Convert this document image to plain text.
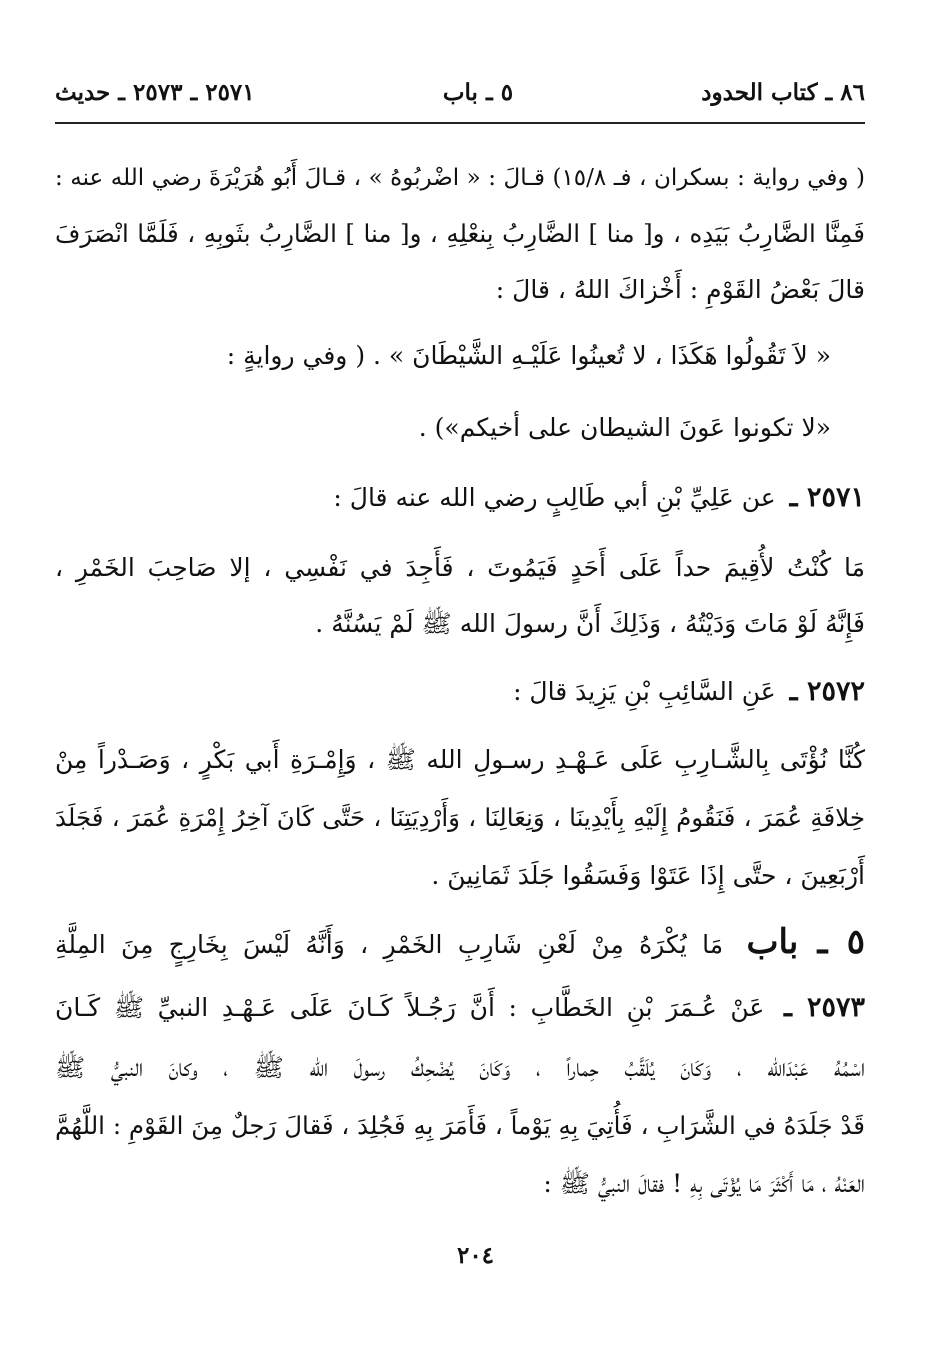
٨٦ ـ كتاب الحدود
٥ ـ باب
٢٥٧١ ـ ٢٥٧٣ ـ حديث
( وفي رواية : بسكران ، فـ ١٥/٨) قـالَ : « اضْربُوهُ » ، قـالَ أَبُو هُرَيْرَةَ رضي الله عنه :
فَمِنَّا الضَّارِبُ بَيَدِه ، و[ منا ] الضَّارِبُ بِنعْلِهِ ، و[ منا ] الضَّارِبُ بثَوبِهِ ، فَلَمَّا انْصَرَفَ
قالَ بَعْضُ القَوْمِ : أَخْزاكَ اللهُ ، قالَ :
« لاَ تَقُولُوا هَكَذَا ، لا تُعينُوا عَلَيْـهِ الشَّيْطَانَ » . ( وفي روايةٍ :
«لا تكونوا عَونَ الشيطان على أخيكم») .
٢٥٧١ ـ عن عَلِيِّ بْنِ أبي طَالِبٍ رضي الله عنه قالَ :
مَا كُنْتُ لأُقِيمَ حداً عَلَى أَحَدٍ فَيَمُوتَ ، فَأَجِدَ في نَفْسِي ، إلا صَاحِبَ الخَمْرِ ،
فَإِنَّهُ لَوْ مَاتَ وَدَيْتُهُ ، وَذَلِكَ أَنَّ رسولَ الله ﷺ لَمْ يَسُنَّهُ .
٢٥٧٢ ـ عَنِ السَّائِبِ بْنِ يَزِيدَ قالَ :
كُنَّا نُؤْتَى بِالشَّـارِبِ عَلَى عَـهْـدِ رسـولِ الله ﷺ ، وَإِمْـرَةِ أَبي بَكْرٍ ، وَصَـدْراً مِنْ
خِلافَةِ عُمَرَ ، فَنَقُومُ إِلَيْهِ بِأَيْدِينَا ، وَنِعَالِنَا ، وَأَرْدِيَتِنَا ، حَتَّى كَانَ آخِرُ إِمْرَةِ عُمَرَ ، فَجَلَدَ
أَرْبَعِينَ ، حتَّى إِذَا عَتَوْا وَفَسَقُوا جَلَدَ ثَمَانِينَ .
٥ ـ باب مَا يُكْرَهُ مِنْ لَعْنِ شَارِبِ الخَمْرِ ، وَأَنَّهُ لَيْسَ بِخَارِجٍ مِنَ المِلَّةِ
٢٥٧٣ ـ عَنْ عُـمَرَ بْنِ الخَطَّابِ : أَنَّ رَجُـلاً كَـانَ عَلَى عَـهْـدِ النبيِّ ﷺ كَـانَ
اسْمُهُ عَبْدَالله ، وَكَانَ يُلَقَّبُ حِماراً ، وَكَانَ يُضْحِكُ رسولَ الله ﷺ ، وكانَ النبيُّ ﷺ
قَدْ جَلَدَهُ في الشَّرَابِ ، فَأُتِيَ بِهِ يَوْماً ، فَأَمَرَ بِهِ فَجُلِدَ ، فَقالَ رَجلٌ مِنَ القَوْمِ : اللَّهُمَّ
العَنْهُ ، مَا أَكْثَرَ مَا يُؤْتَى بِهِ ! فقالَ النبيُّ ﷺ :
٢٠٤
